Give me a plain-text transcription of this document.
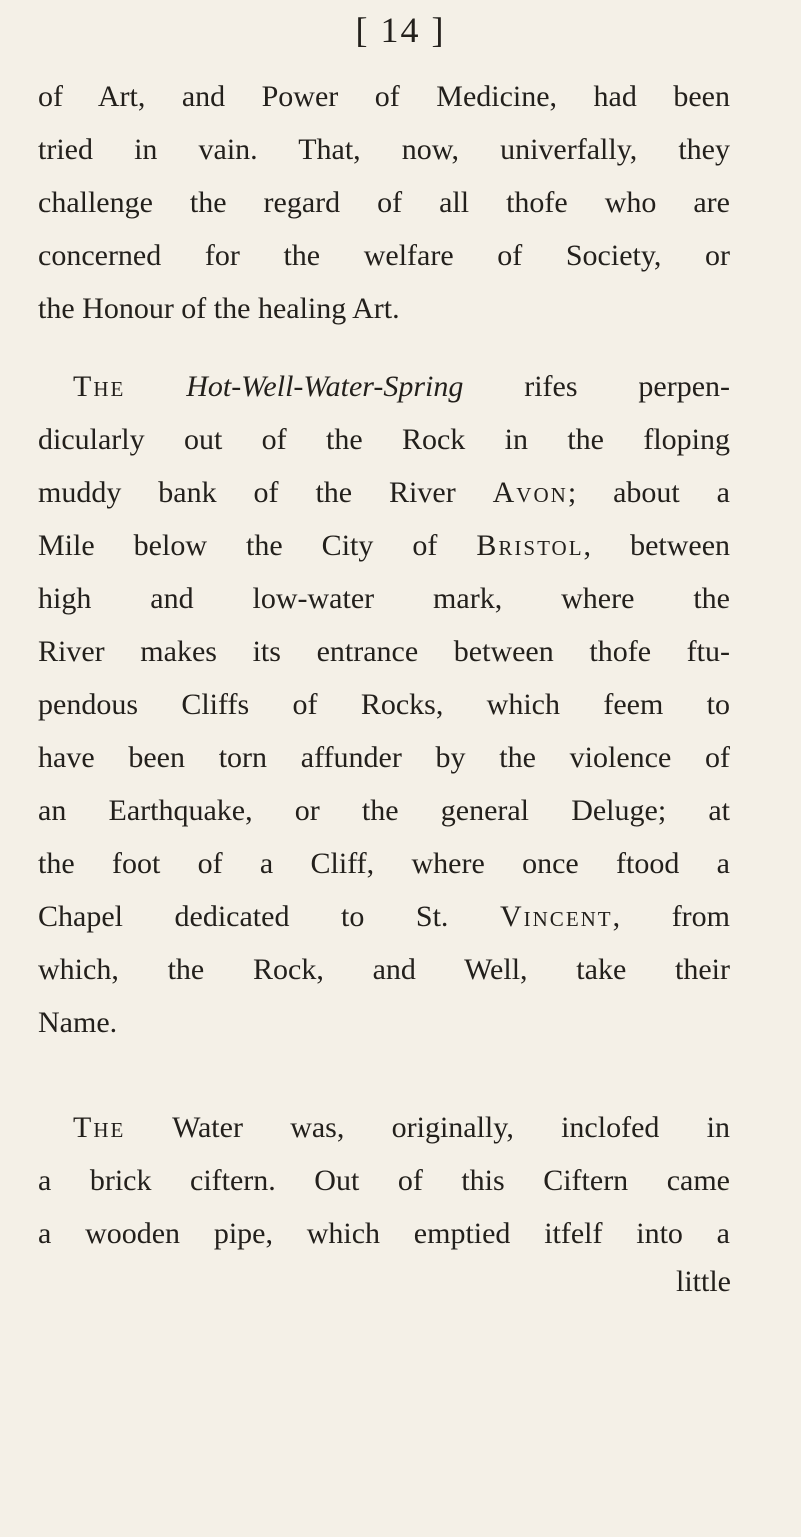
[ 14 ]
of Art, and Power of Medicine, had been
tried in vain. That, now, univerfally, they
challenge the regard of all thofe who are
concerned for the welfare of Society, or
the Honour of the healing Art.
The Hot-Well-Water-Spring rifes perpen-
dicularly out of the Rock in the floping
muddy bank of the River Avon; about a
Mile below the City of Bristol, between
high and low-water mark, where the
River makes its entrance between thofe ftu-
pendous Cliffs of Rocks, which feem to
have been torn affunder by the violence of
an Earthquake, or the general Deluge; at
the foot of a Cliff, where once ftood a
Chapel dedicated to St. Vincent, from
which, the Rock, and Well, take their
Name.
The Water was, originally, inclofed in
a brick ciftern. Out of this Ciftern came
a wooden pipe, which emptied itfelf into a
little
